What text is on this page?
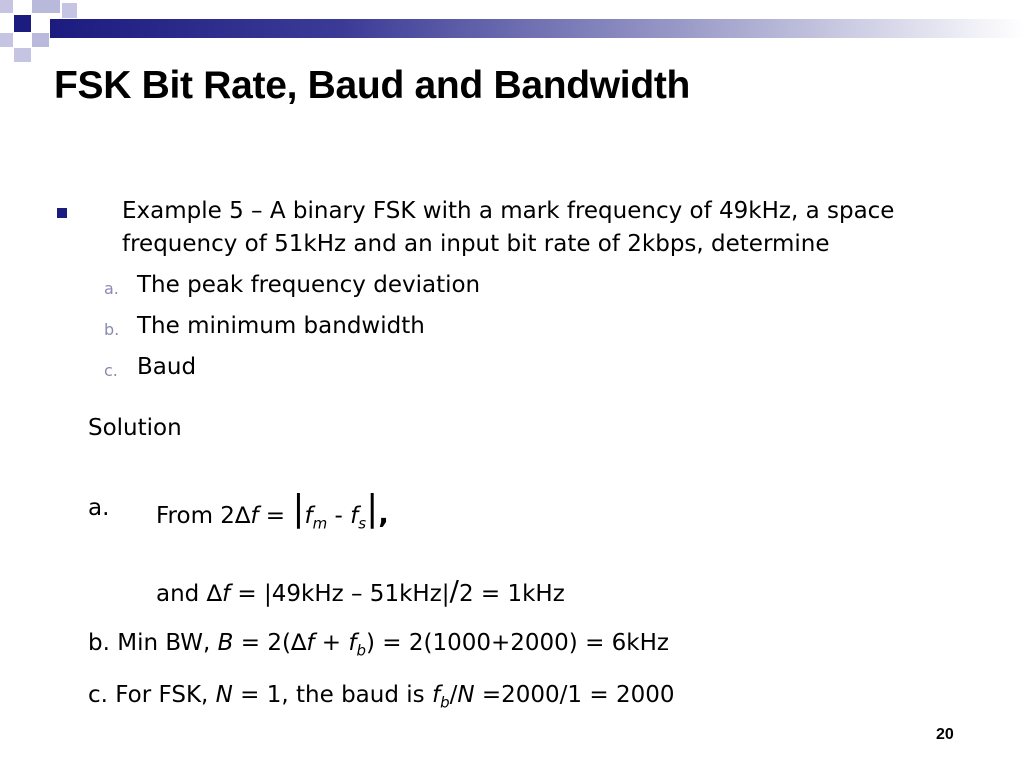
FSK Bit Rate, Baud and Bandwidth
Example 5 – A binary FSK with a mark frequency of 49kHz, a space
frequency of 51kHz and an input bit rate of 2kbps, determine
a. The peak frequency deviation
b. The minimum bandwidth
c. Baud
Solution
a. From $2\Delta f = |f_m - f_s|$,
and ∆f = |49kHz – 51kHz|/2 = 1kHz
b. Min BW, $B = 2(\Delta f + f_b) = 2(1000+2000) = 6kHz$
c. For FSK, N = 1, the baud is $f_b/N =2000/1 = 2000$
20
